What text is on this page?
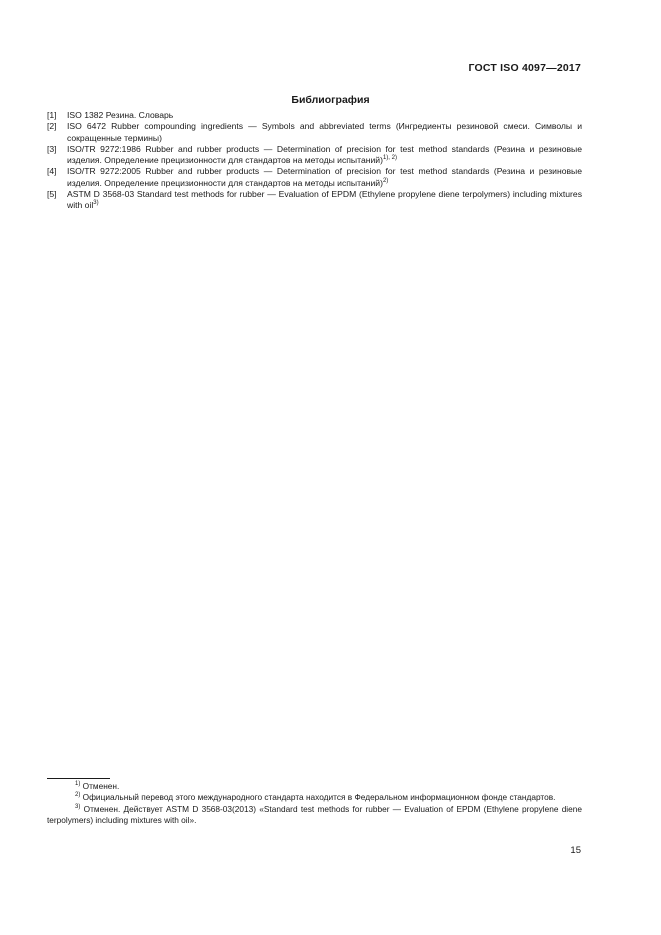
ГОСТ ISO 4097—2017
Библиография
[1] ISO 1382 Резина. Словарь
[2] ISO 6472 Rubber compounding ingredients — Symbols and abbreviated terms (Ингредиенты резиновой смеси. Символы и сокращенные термины)
[3] ISO/TR 9272:1986 Rubber and rubber products — Determination of precision for test method standards (Резина и резиновые изделия. Определение прецизионности для стандартов на методы испытаний)$^{1), 2)}$
[4] ISO/TR 9272:2005 Rubber and rubber products — Determination of precision for test method standards (Резина и резиновые изделия. Определение прецизионности для стандартов на методы испытаний)$^{2)}$
[5] ASTM D 3568-03 Standard test methods for rubber — Evaluation of EPDM (Ethylene propylene diene terpolymers) including mixtures with oil$^{3)}$
$^{1)}$ Отменен.
$^{2)}$ Официальный перевод этого международного стандарта находится в Федеральном информационном фонде стандартов.
$^{3)}$ Отменен. Действует ASTM D 3568-03(2013) «Standard test methods for rubber — Evaluation of EPDM (Ethylene propylene diene terpolymers) including mixtures with oil».
15
